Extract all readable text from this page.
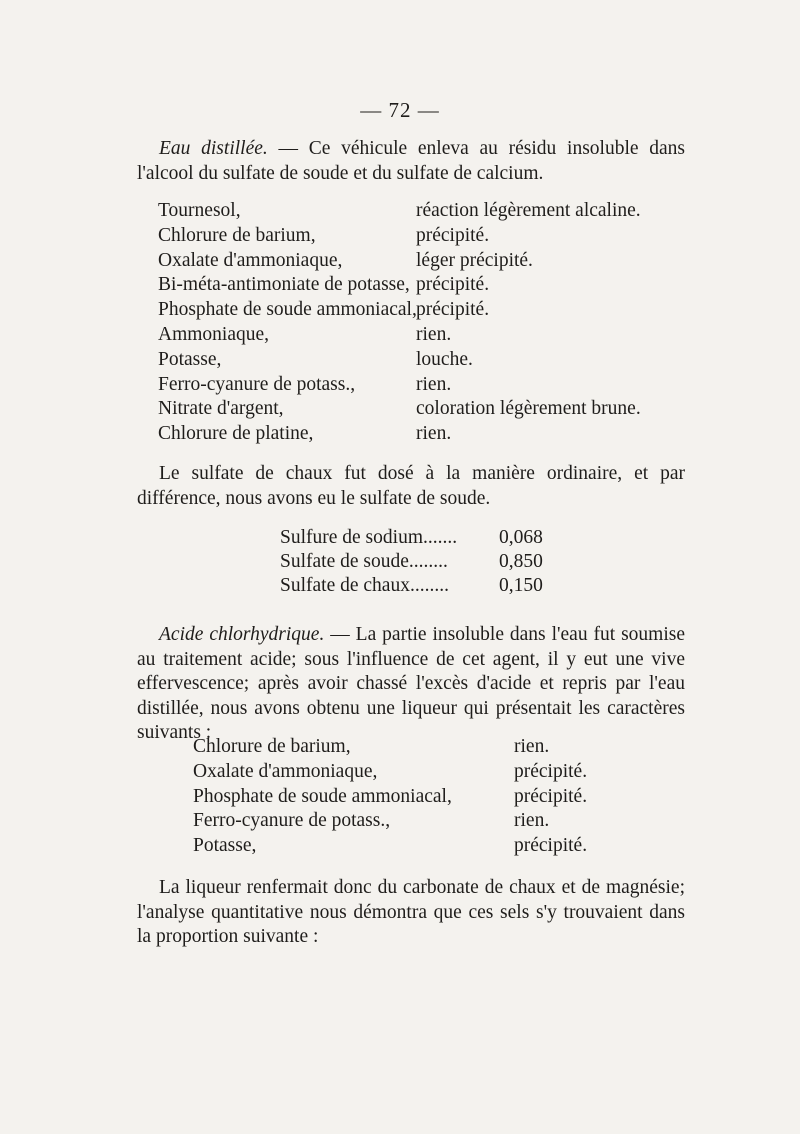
— 72 —

Eau distillée. — Ce véhicule enleva au résidu insoluble dans l'alcool du sulfate de soude et du sulfate de calcium.

Tournesol,	réaction légèrement alcaline.
Chlorure de barium,	précipité.
Oxalate d'ammoniaque,	léger précipité.
Bi-méta-antimoniate de potasse, précipité.
Phosphate de soude ammoniacal, précipité.
Ammoniaque,	rien.
Potasse,	louche.
Ferro-cyanure de potass.,	rien.
Nitrate d'argent,	coloration légèrement brune.
Chlorure de platine,	rien.

Le sulfate de chaux fut dosé à la manière ordinaire, et par différence, nous avons eu le sulfate de soude.

Sulfure de sodium....... 0,068
Sulfate de soude........	0,850
Sulfate de chaux........	0,150

Acide chlorhydrique. — La partie insoluble dans l'eau fut soumise au traitement acide; sous l'influence de cet agent, il y eut une vive effervescence; après avoir chassé l'excès d'acide et repris par l'eau distillée, nous avons obtenu une liqueur qui présentait les caractères suivants :

Chlorure de barium,	rien.
Oxalate d'ammoniaque,	précipité.
Phosphate de soude ammoniacal,	précipité.
Ferro-cyanure de potass.,	rien.
Potasse,	précipité.

La liqueur renfermait donc du carbonate de chaux et de magnésie; l'analyse quantitative nous démontra que ces sels s'y trouvaient dans la proportion suivante :
